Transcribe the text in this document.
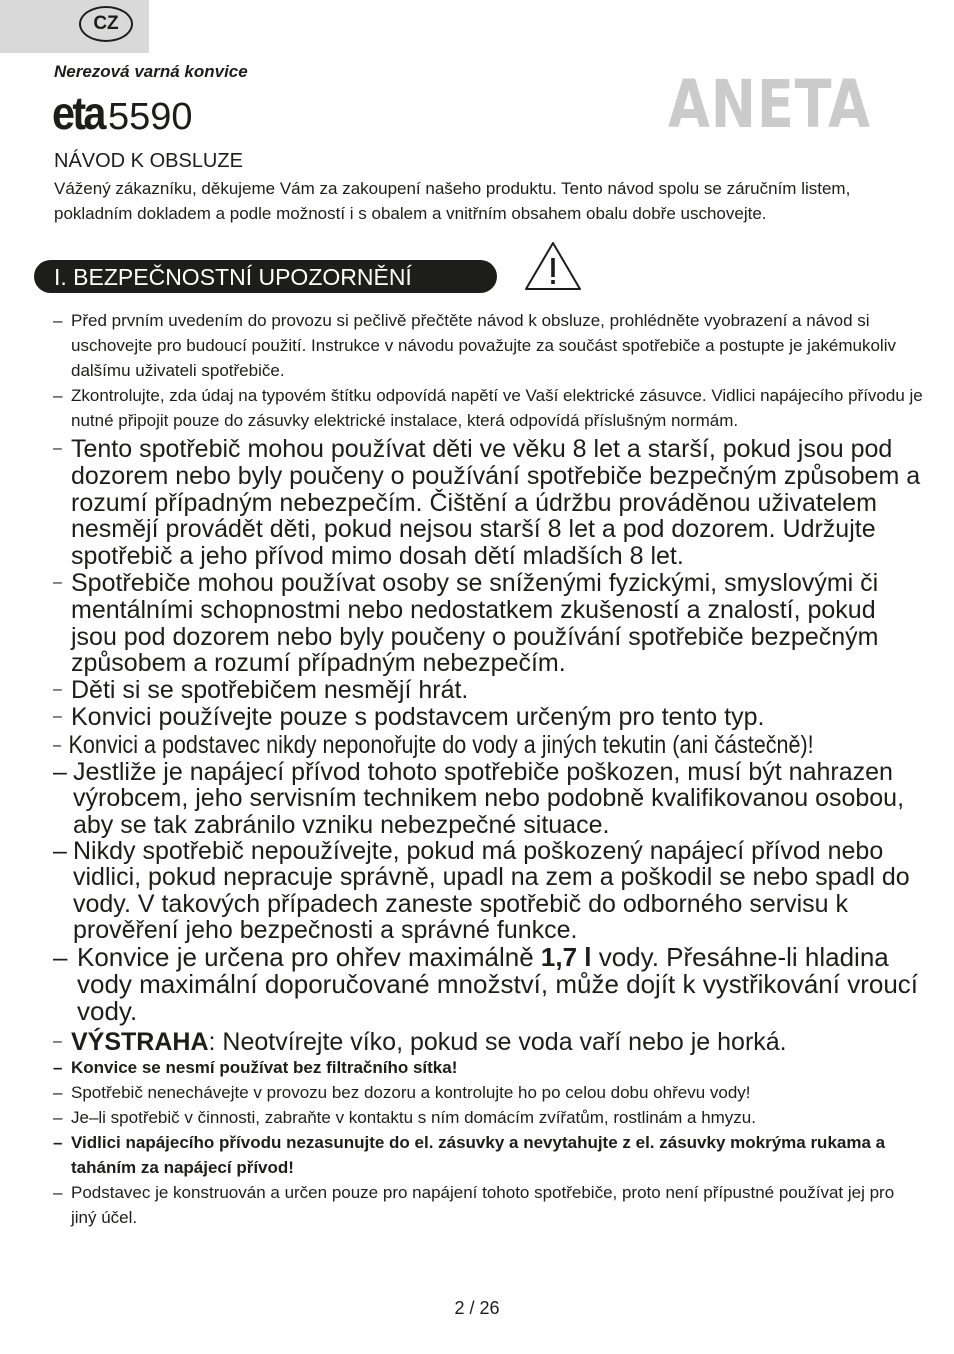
CZ
Nerezová varná konvice
eta 5590	ANETA
NÁVOD K OBSLUZE
Vážený zákazníku, děkujeme Vám za zakoupení našeho produktu. Tento návod spolu se záručním listem, pokladním dokladem a podle možností i s obalem a vnitřním obsahem obalu dobře uschovejte.
I. BEZPEČNOSTNÍ UPOZORNĚNÍ
– Před prvním uvedením do provozu si pečlivě přečtěte návod k obsluze, prohlédněte vyobrazení a návod si uschovejte pro budoucí použití. Instrukce v návodu považujte za součást spotřebiče a postupte je jakémukoliv dalšímu uživateli spotřebiče.
– Zkontrolujte, zda údaj na typovém štítku odpovídá napětí ve Vaší elektrické zásuvce. Vidlici napájecího přívodu je nutné připojit pouze do zásuvky elektrické instalace, která odpovídá příslušným normám.
– Tento spotřebič mohou používat děti ve věku 8 let a starší, pokud jsou pod dozorem nebo byly poučeny o používání spotřebiče bezpečným způsobem a rozumí případným nebezpečím. Čištění a údržbu prováděnou uživatelem nesmějí provádět děti, pokud nejsou starší 8 let a pod dozorem. Udržujte spotřebič a jeho přívod mimo dosah dětí mladších 8 let.
– Spotřebiče mohou používat osoby se sníženými fyzickými, smyslovými či mentálními schopnostmi nebo nedostatkem zkušeností a znalostí, pokud jsou pod dozorem nebo byly poučeny o používání spotřebiče bezpečným způsobem a rozumí případným nebezpečím.
– Děti si se spotřebičem nesmějí hrát.
– Konvici používejte pouze s podstavcem určeným pro tento typ.
– Konvici a podstavec nikdy neponořujte do vody a jiných tekutin (ani částečně)!
– Jestliže je napájecí přívod tohoto spotřebiče poškozen, musí být nahrazen výrobcem, jeho servisním technikem nebo podobně kvalifikovanou osobou, aby se tak zabránilo vzniku nebezpečné situace.
– Nikdy spotřebič nepoužívejte, pokud má poškozený napájecí přívod nebo vidlici, pokud nepracuje správně, upadl na zem a poškodil se nebo spadl do vody. V takových případech zaneste spotřebič do odborného servisu k prověření jeho bezpečnosti a správné funkce.
– Konvice je určena pro ohřev maximálně 1,7 l vody. Přesáhne-li hladina vody maximální doporučované množství, může dojít k vystřikování vroucí vody.
– VÝSTRAHA: Neotvírejte víko, pokud se voda vaří nebo je horká.
– Konvice se nesmí používat bez filtračního sítka!
– Spotřebič nenechávejte v provozu bez dozoru a kontrolujte ho po celou dobu ohřevu vody!
– Je–li spotřebič v činnosti, zabraňte v kontaktu s ním domácím zvířatům, rostlinám a hmyzu.
– Vidlici napájecího přívodu nezasunujte do el. zásuvky a nevytahujte z el. zásuvky mokrýma rukama a taháním za napájecí přívod!
– Podstavec je konstruován a určen pouze pro napájení tohoto spotřebiče, proto není přípustné používat jej pro jiný účel.
2 / 26
